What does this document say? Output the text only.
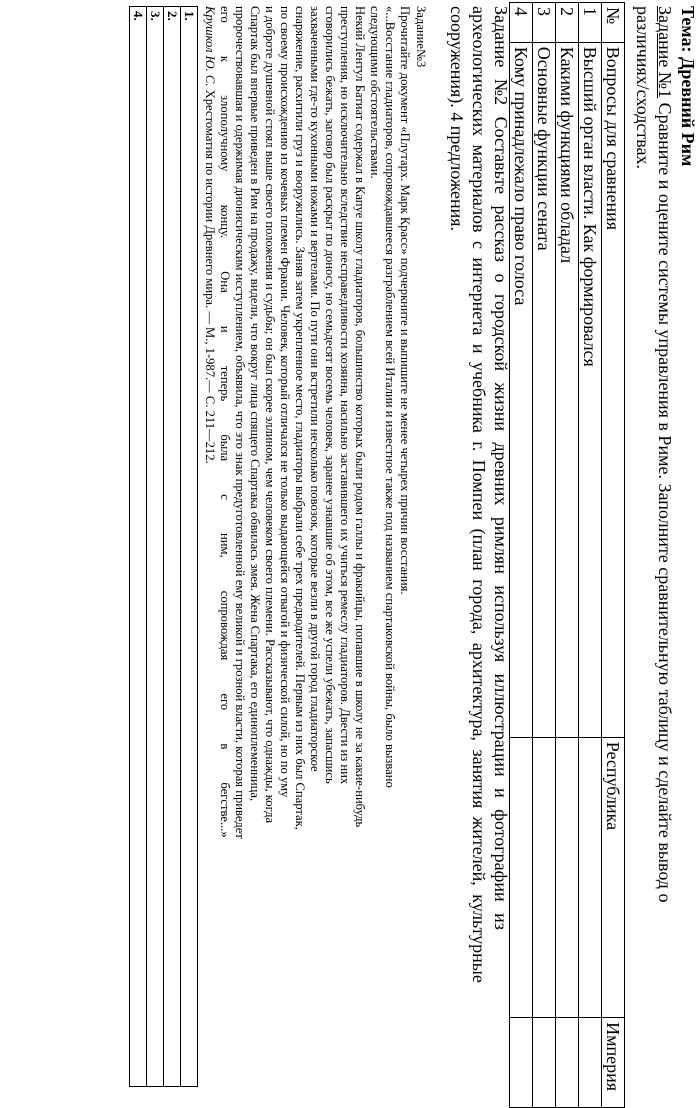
Тема: Древний Рим
Задание №1 Сравните и оцените системы управления в Риме. Заполните сравнительную таблицу и сделайте вывод о
различиях/сходствах.
№	Вопросы для сравнения	Республика	Империя
1	Высший орган власти. Как формировался		
2	Какими функциями обладал		
3	Основные функции сената		
4	Кому принадлежало право голоса		
Задание №2 Составьте рассказ о городской жизни древних римлян используя иллюстрации и фотографии из
археологических материалов с интернета и учебника г. Помпеи (план города, архитектура, занятия жителей, культурные
сооружения). 4 предложения.
Задание№3
Прочитайте документ «Плутарх. Марк Красс» подчеркните и выпишите не менее четырех причин восстания.
«...Восстание гладиаторов, сопровождавшееся разграблением всей Италии и известное также под названием спартаковской войны, было вызвано
следующими обстоятельствами.
Некий Лентул Батиат содержал в Капуе школу гладиаторов, большинство которых были родом галлы и фракийцы, попавшие в школу не за какие-нибудь
преступления, но исключительно вследствие несправедливости хозяина, насильно заставившего их учиться ремеслу гладиаторов. Двести из них
сговорились бежать, заговор был раскрыт по доносу, но семьдесят восемь человек, заранее узнавшие об этом, все же успели убежать, запасшись
захваченными где-то кухонными ножами и вертелами. По пути они встретили несколько повозок, которые везли в другой город гладиаторское
снаряжение, расхитили груз и вооружились. Заняв затем укрепленное место, гладиаторы выбрали себе трех предводителей. Первым из них был Спартак,
по своему происхождению из кочевых племен Фракии. Человек, который отличался не только выдающейся отвагой и физической силой, но по уму
и доброте душевной стоял выше своего положения и судьбы; он был скорее эллином, чем человеком своего племени. Рассказывают, что однажды, когда
Спартак был впервые приведен в Рим на продажу, видели, что вокруг лица спящего Спартака обвилась змея. Жена Спартака, его единоплеменница,
пророчествовавшая и одержимая дионисическим исступлением, объявила, что это знак предуготовленной ему великой и грозной власти, которая приведет
его к злополучному концу. Она и теперь была с ним, сопровождая его в бегстве...»
Крушкол Ю. С. Хрестоматия по истории Древнего мира. — М., 1-987.— С. 211—212.
1.
2.
3.
4.
